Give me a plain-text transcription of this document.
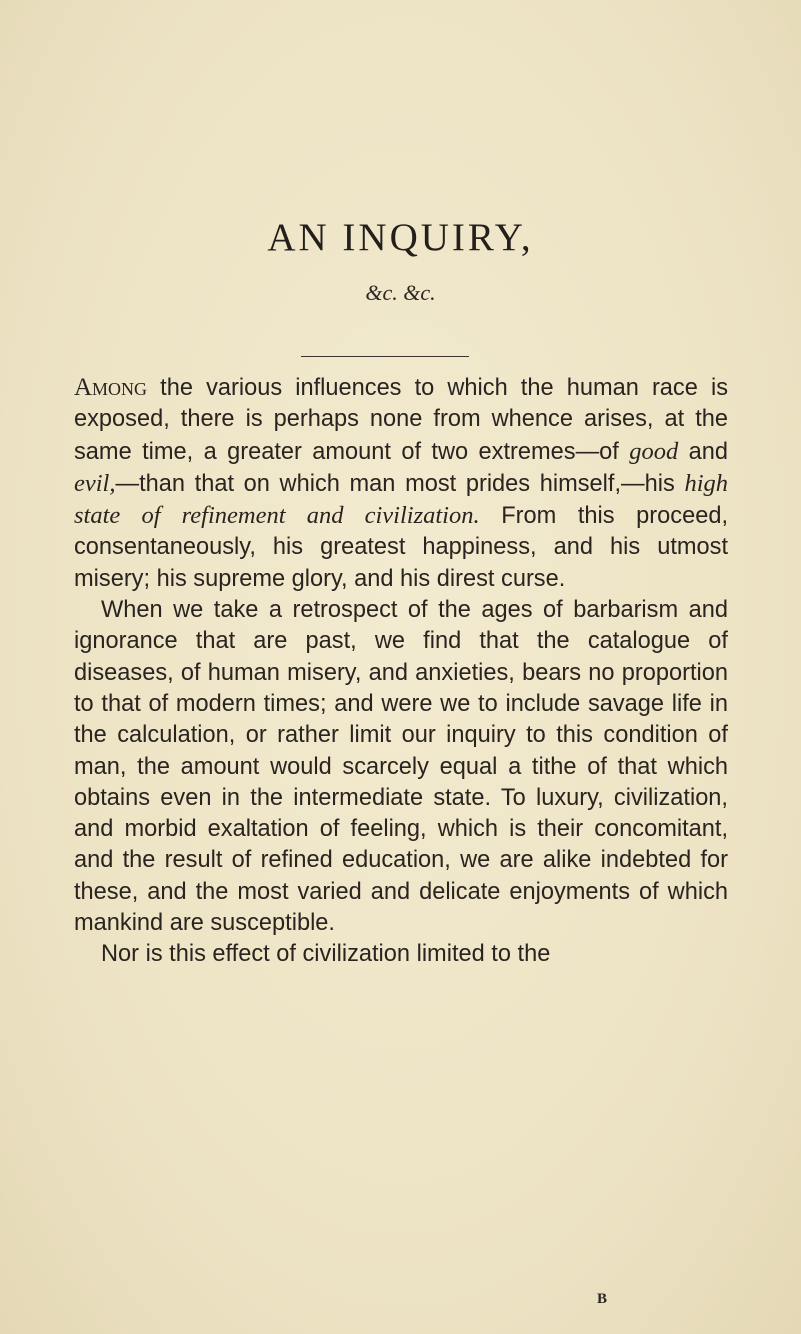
AN INQUIRY,
&c. &c.

Among the various influences to which the human race is exposed, there is perhaps none from whence arises, at the same time, a greater amount of two extremes—of good and evil,—than that on which man most prides himself,—his high state of refinement and civilization. From this proceed, consentaneously, his greatest happiness, and his utmost misery; his supreme glory, and his direst curse.

When we take a retrospect of the ages of barbarism and ignorance that are past, we find that the catalogue of diseases, of human misery, and anxieties, bears no proportion to that of modern times; and were we to include savage life in the calculation, or rather limit our inquiry to this condition of man, the amount would scarcely equal a tithe of that which obtains even in the intermediate state. To luxury, civilization, and morbid exaltation of feeling, which is their concomitant, and the result of refined education, we are alike indebted for these, and the most varied and delicate enjoyments of which mankind are susceptible.

Nor is this effect of civilization limited to the

B
